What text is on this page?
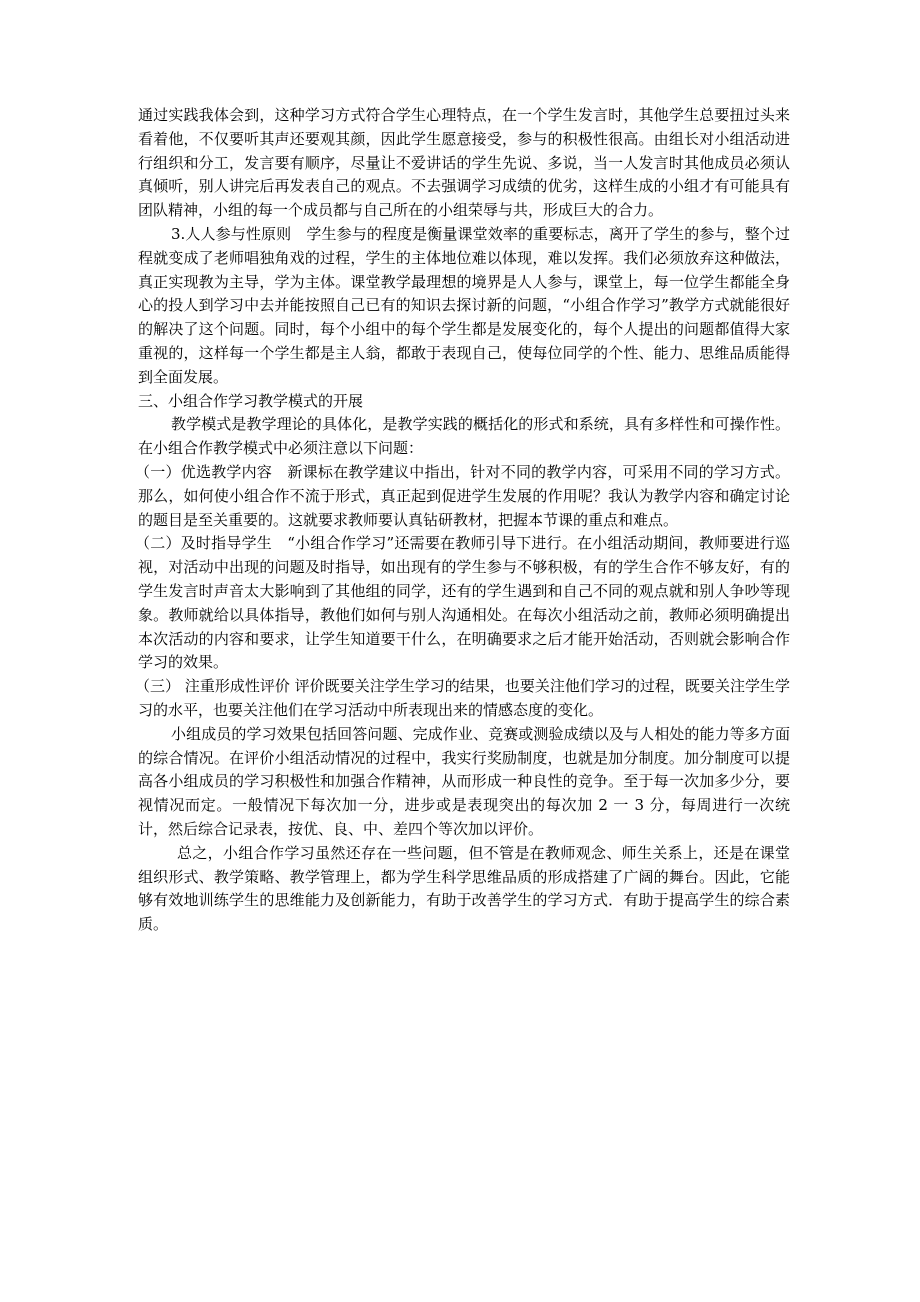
通过实践我体会到，这种学习方式符合学生心理特点，在一个学生发言时，其他学生总要扭过头来看着他，不仅要听其声还要观其颜，因此学生愿意接受，参与的积极性很高。由组长对小组活动进行组织和分工，发言要有顺序，尽量让不爱讲话的学生先说、多说，当一人发言时其他成员必须认真倾听，别人讲完后再发表自己的观点。不去强调学习成绩的优劣，这样生成的小组才有可能具有团队精神，小组的每一个成员都与自己所在的小组荣辱与共，形成巨大的合力。

3.人人参与性原则　学生参与的程度是衡量课堂效率的重要标志，离开了学生的参与，整个过程就变成了老师唱独角戏的过程，学生的主体地位难以体现，难以发挥。我们必须放弃这种做法，真正实现教为主导，学为主体。课堂教学最理想的境界是人人参与，课堂上，每一位学生都能全身心的投人到学习中去并能按照自己已有的知识去探讨新的问题，“小组合作学习”教学方式就能很好的解决了这个问题。同时，每个小组中的每个学生都是发展变化的，每个人提出的问题都值得大家重视的，这样每一个学生都是主人翁，都敢于表现自己，使每位同学的个性、能力、思维品质能得到全面发展。

三、小组合作学习教学模式的开展

教学模式是教学理论的具体化，是教学实践的概括化的形式和系统，具有多样性和可操作性。在小组合作教学模式中必须注意以下问题：

（一）优选教学内容　新课标在教学建议中指出，针对不同的教学内容，可采用不同的学习方式。那么，如何使小组合作不流于形式，真正起到促进学生发展的作用呢？我认为教学内容和确定讨论的题目是至关重要的。这就要求教师要认真钻研教材，把握本节课的重点和难点。

（二）及时指导学生　“小组合作学习”还需要在教师引导下进行。在小组活动期间，教师要进行巡视，对活动中出现的问题及时指导，如出现有的学生参与不够积极，有的学生合作不够友好，有的学生发言时声音太大影响到了其他组的同学，还有的学生遇到和自己不同的观点就和别人争吵等现象。教师就给以具体指导，教他们如何与别人沟通相处。在每次小组活动之前，教师必须明确提出本次活动的内容和要求，让学生知道要干什么，在明确要求之后才能开始活动，否则就会影响合作学习的效果。

（三） 注重形成性评价 评价既要关注学生学习的结果，也要关注他们学习的过程，既要关注学生学习的水平，也要关注他们在学习活动中所表现出来的情感态度的变化。

小组成员的学习效果包括回答问题、完成作业、竞赛或测验成绩以及与人相处的能力等多方面的综合情况。在评价小组活动情况的过程中，我实行奖励制度，也就是加分制度。加分制度可以提高各小组成员的学习积极性和加强合作精神，从而形成一种良性的竞争。至于每一次加多少分，要视情况而定。一般情况下每次加一分，进步或是表现突出的每次加 2 一 3 分，每周进行一次统计，然后综合记录表，按优、良、中、差四个等次加以评价。

总之，小组合作学习虽然还存在一些问题，但不管是在教师观念、师生关系上，还是在课堂组织形式、教学策略、教学管理上，都为学生科学思维品质的形成搭建了广阔的舞台。因此，它能够有效地训练学生的思维能力及创新能力，有助于改善学生的学习方式．有助于提高学生的综合素质。
